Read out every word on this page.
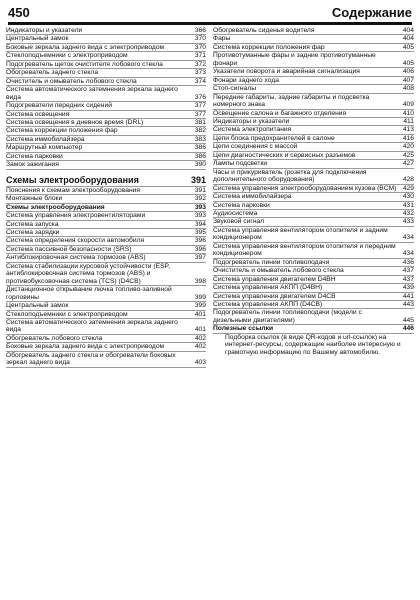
450	Содержание
Индикаторы и указатели	366
Центральный замок	370
Боковые зеркала заднего вида с электроприводом	370
Стеклоподъемники с электроприводом	371
Подогреватель щеток очистителя лобового стекла	372
Обогреватель заднего стекла	373
Очиститель и омыватель лобового стекла	374
Система автоматического затемнения зеркала заднего вида	376
Подогреватели передних сидений	377
Система освещения	377
Система освещения в дневное время (DRL)	381
Система коррекции положения фар	382
Система иммобилайзера	383
Маршрутный компьютер	386
Система парковки	386
Замок зажигания	390
Схемы электрооборудования	391
Пояснения к схемам электрооборудования	391
Монтажные блоки	392
Схемы электрооборудования	393
Система управления электровентиляторами	393
Система запуска	394
Система зарядки	395
Система определения скорости автомобиля	396
Система пассивной безопасности (SRS)	396
Антиблокировочная система тормозов (ABS)	397
Система стабилизации курсовой устойчивости (ESP, антиблокировочная система тормозов (ABS) и противобуксовочная система (TCS) (D4CB)	398
Дистанционное открывание лючка топливо-заливной горловины	399
Центральный замок	399
Стеклоподъемники с электроприводом	401
Система автоматического затемнения зеркала заднего вида	401
Обогреватель лобового стекла	402
Боковые зеркала заднего вида с электроприводом	402
Обогреватель заднего стекла и обогреватели боковых зеркал заднего вида	403
Обогреватель сиденья водителя	404
Фары	404
Система коррекции положения фар	405
Противотуманные фары и задние противотуманные фонари	405
Указатели поворота и аварийная сигнализация	406
Фонари заднего хода	407
Стоп-сигналы	408
Передние габариты, задние габариты и подсветка номерного знака	409
Освещение салона и багажного отделения	410
Индикаторы и указатели	411
Система электропитания	413
Цепи блока предохранителей в салоне	416
Цепи соединения с массой	420
Цепи диагностических и сервисных разъемов	425
Лампы подсветки	427
Часы и прикуриватель (розетка для подключения дополнительного оборудования)	428
Система управления электрооборудованием кузова (BCM) 429
Система иммобилайзера	430
Система парковки	431
Аудиосистема	432
Звуковой сигнал	433
Система управления вентилятором отопителя и задним кондиционером	434
Система управления вентилятором отопителя и передним кондиционером	434
Подогреватель линии топливоподачи	436
Очиститель и омыватель лобового стекла	437
Система управления двигателем D4BH	437
Система управления АКПП (D4BH)	439
Система управления двигателем D4CB	441
Система управления АКПП (D4CB)	443
Подогреватель линии топливоподачи (модели с дизельными двигателями)	445
Полезные ссылки	446
Подборка ссылок (в виде QR-кодов и url-ссылок) на интернет-ресурсы, содержащие наиболее интересную и грамотную информацию по Вашему автомобилю.
